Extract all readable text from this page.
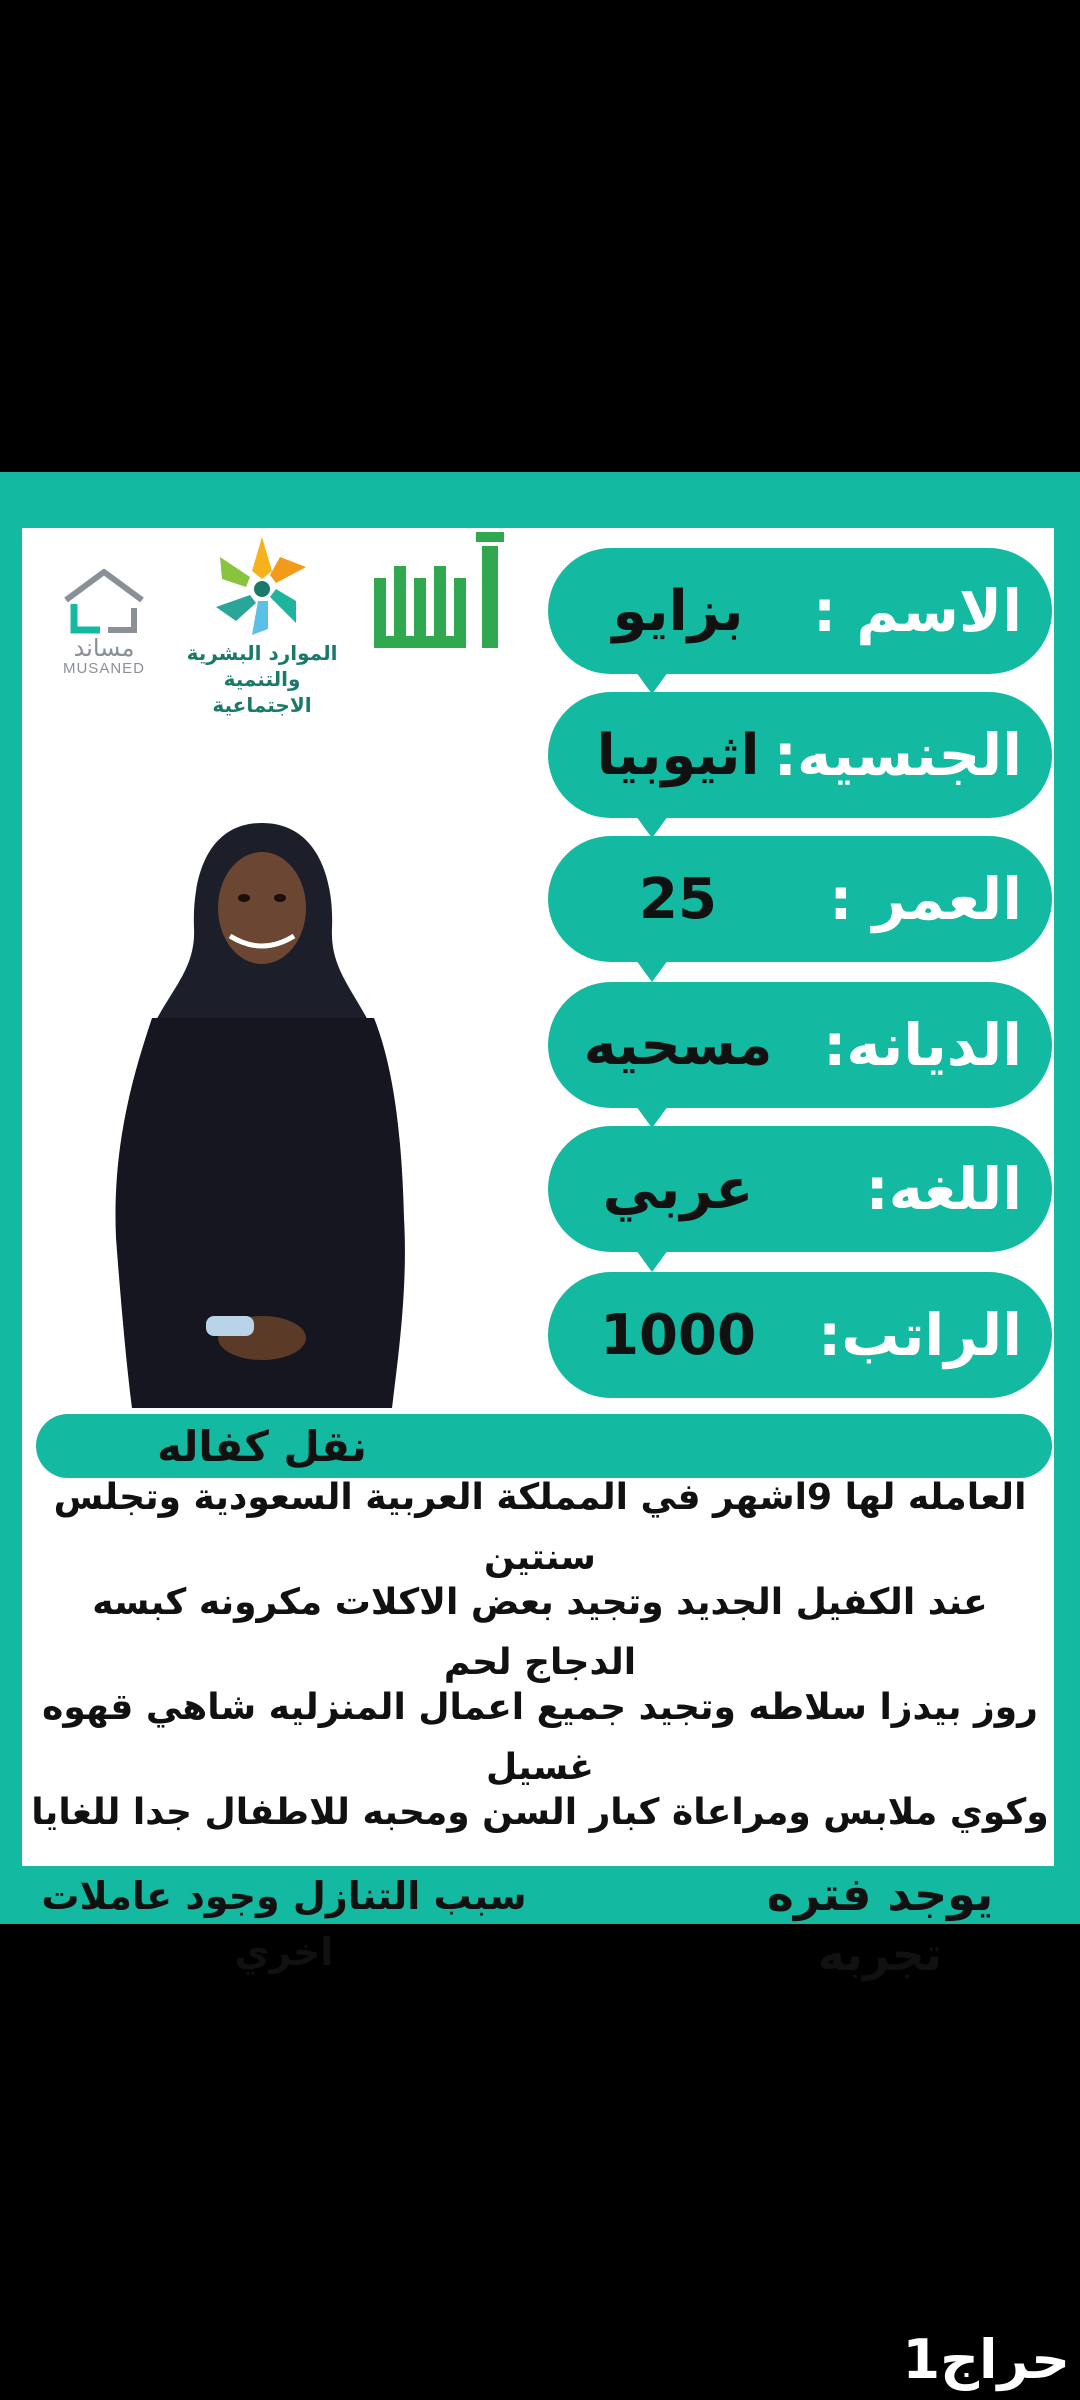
مساند
MUSANED
الموارد البشرية
والتنمية الاجتماعية
بزايو	الاسم :
اثيوبيا الجنسيه:
25	العمر :
مسحيه الديانه:
عربي	اللغه:
1000	الراتب:
نقل كفاله
العامله لها 9اشهر في المملكة العربية السعودية وتجلس سنتين
عند الكفيل الجديد وتجيد بعض الاكلات مكرونه كبسه الدجاج لحم
روز بيدزا سلاطه وتجيد جميع اعمال المنزليه شاهي قهوه غسيل
وكوي ملابس ومراعاة كبار السن ومحبه للاطفال جدا للغايا
سبب التنازل وجود عاملات اخري
يوجد فتره تجربه
حراج1
